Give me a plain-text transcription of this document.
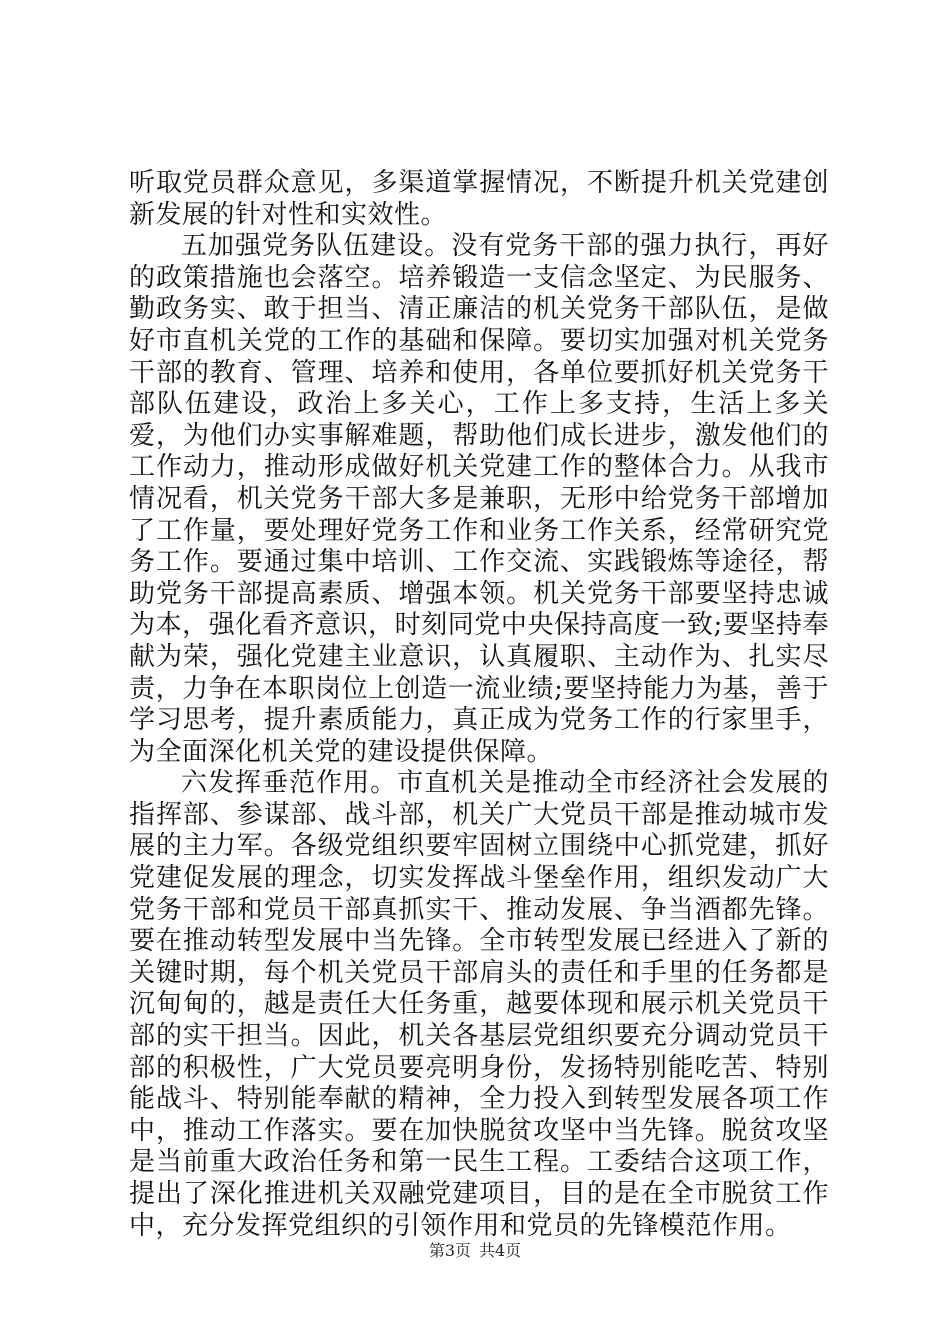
听取党员群众意见，多渠道掌握情况，不断提升机关党建创新发展的针对性和实效性。

五加强党务队伍建设。没有党务干部的强力执行，再好的政策措施也会落空。培养锻造一支信念坚定、为民服务、勤政务实、敢于担当、清正廉洁的机关党务干部队伍，是做好市直机关党的工作的基础和保障。要切实加强对机关党务干部的教育、管理、培养和使用，各单位要抓好机关党务干部队伍建设，政治上多关心，工作上多支持，生活上多关爱，为他们办实事解难题，帮助他们成长进步，激发他们的工作动力，推动形成做好机关党建工作的整体合力。从我市情况看，机关党务干部大多是兼职，无形中给党务干部增加了工作量，要处理好党务工作和业务工作关系，经常研究党务工作。要通过集中培训、工作交流、实践锻炼等途径，帮助党务干部提高素质、增强本领。机关党务干部要坚持忠诚为本，强化看齐意识，时刻同党中央保持高度一致;要坚持奉献为荣，强化党建主业意识，认真履职、主动作为、扎实尽责，力争在本职岗位上创造一流业绩;要坚持能力为基，善于学习思考，提升素质能力，真正成为党务工作的行家里手，为全面深化机关党的建设提供保障。

六发挥垂范作用。市直机关是推动全市经济社会发展的指挥部、参谋部、战斗部，机关广大党员干部是推动城市发展的主力军。各级党组织要牢固树立围绕中心抓党建，抓好党建促发展的理念，切实发挥战斗堡垒作用，组织发动广大党务干部和党员干部真抓实干、推动发展、争当酒都先锋。要在推动转型发展中当先锋。全市转型发展已经进入了新的关键时期，每个机关党员干部肩头的责任和手里的任务都是沉甸甸的，越是责任大任务重，越要体现和展示机关党员干部的实干担当。因此，机关各基层党组织要充分调动党员干部的积极性，广大党员要亮明身份，发扬特别能吃苦、特别能战斗、特别能奉献的精神，全力投入到转型发展各项工作中，推动工作落实。要在加快脱贫攻坚中当先锋。脱贫攻坚是当前重大政治任务和第一民生工程。工委结合这项工作，提出了深化推进机关双融党建项目，目的是在全市脱贫工作中，充分发挥党组织的引领作用和党员的先锋模范作用。

第3页 共4页
